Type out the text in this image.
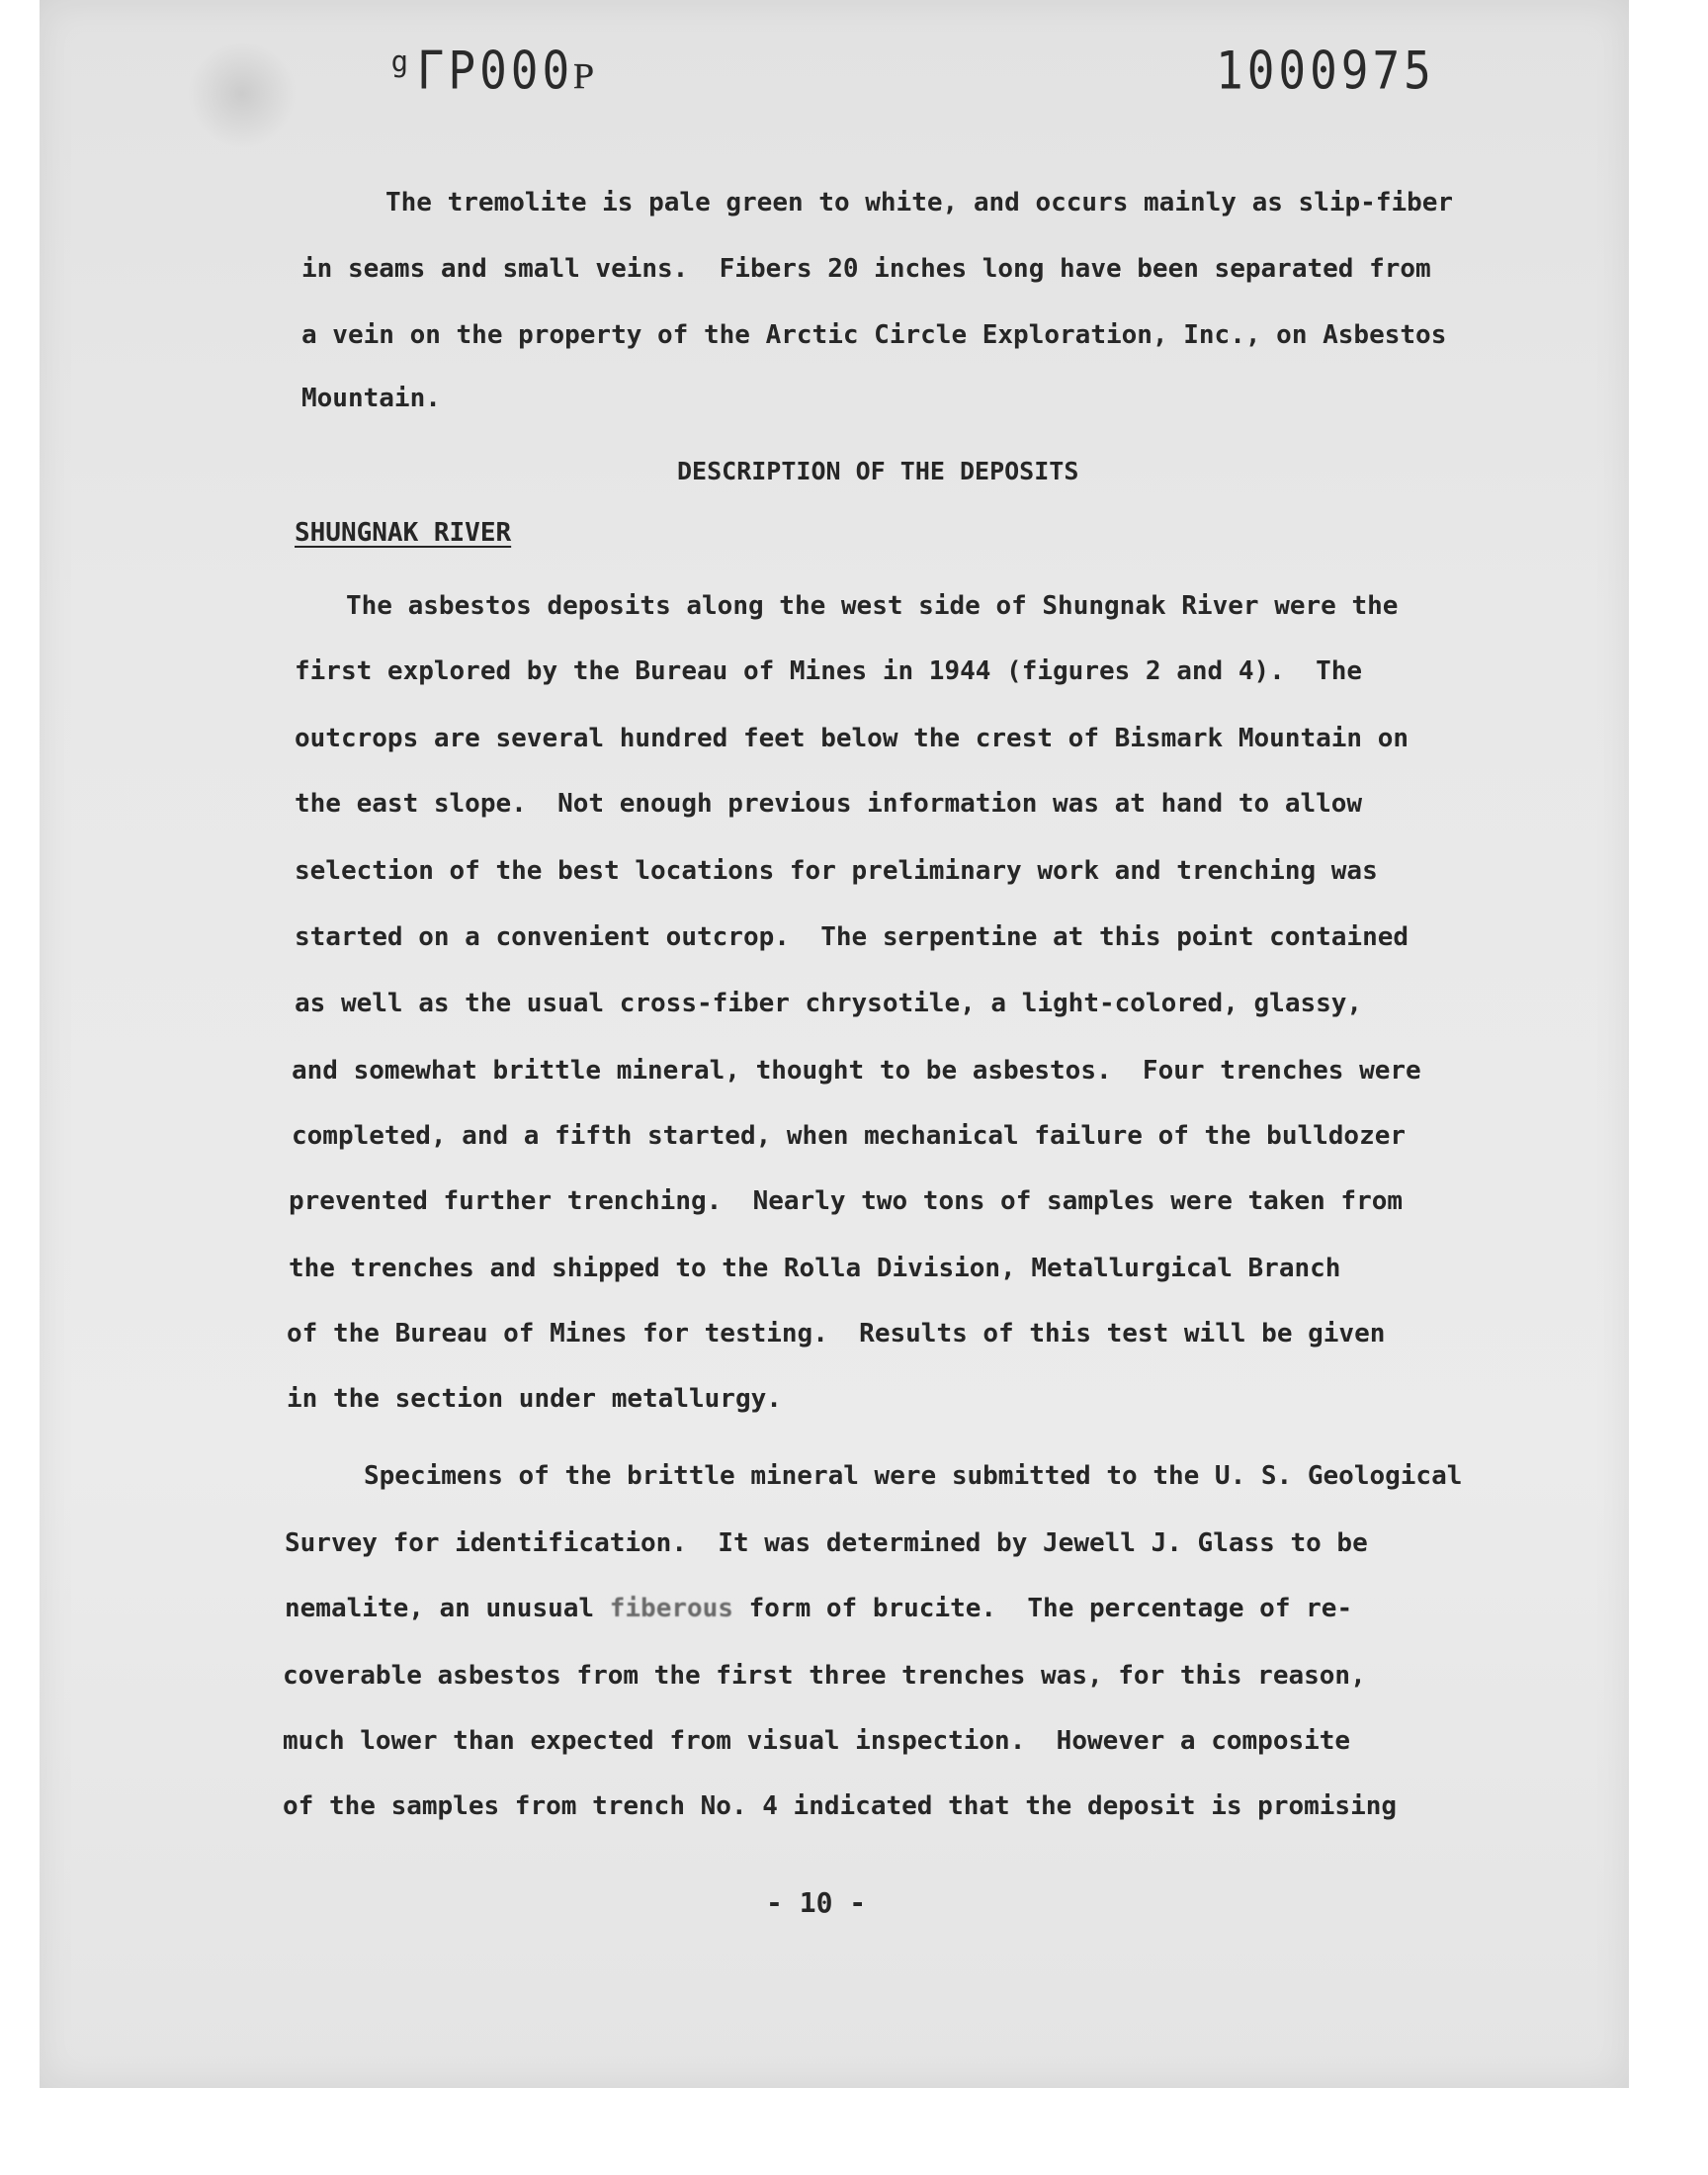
ᵍΓP000ᴩ	1000975

The tremolite is pale green to white, and occurs mainly as slip-fiber

in seams and small veins.  Fibers 20 inches long have been separated from

a vein on the property of the Arctic Circle Exploration, Inc., on Asbestos

Mountain.

DESCRIPTION OF THE DEPOSITS

SHUNGNAK RIVER

The asbestos deposits along the west side of Shungnak River were the

first explored by the Bureau of Mines in 1944 (figures 2 and 4).  The

outcrops are several hundred feet below the crest of Bismark Mountain on

the east slope.  Not enough previous information was at hand to allow

selection of the best locations for preliminary work and trenching was

started on a convenient outcrop.  The serpentine at this point contained

as well as the usual cross-fiber chrysotile, a light-colored, glassy,

and somewhat brittle mineral, thought to be asbestos.  Four trenches were

completed, and a fifth started, when mechanical failure of the bulldozer

prevented further trenching.  Nearly two tons of samples were taken from

the trenches and shipped to the Rolla Division, Metallurgical Branch

of the Bureau of Mines for testing.  Results of this test will be given

in the section under metallurgy.

Specimens of the brittle mineral were submitted to the U. S. Geological

Survey for identification.  It was determined by Jewell J. Glass to be

nemalite, an unusual fiberous form of brucite.  The percentage of re-

coverable asbestos from the first three trenches was, for this reason,

much lower than expected from visual inspection.  However a composite

of the samples from trench No. 4 indicated that the deposit is promising

- 10 -
